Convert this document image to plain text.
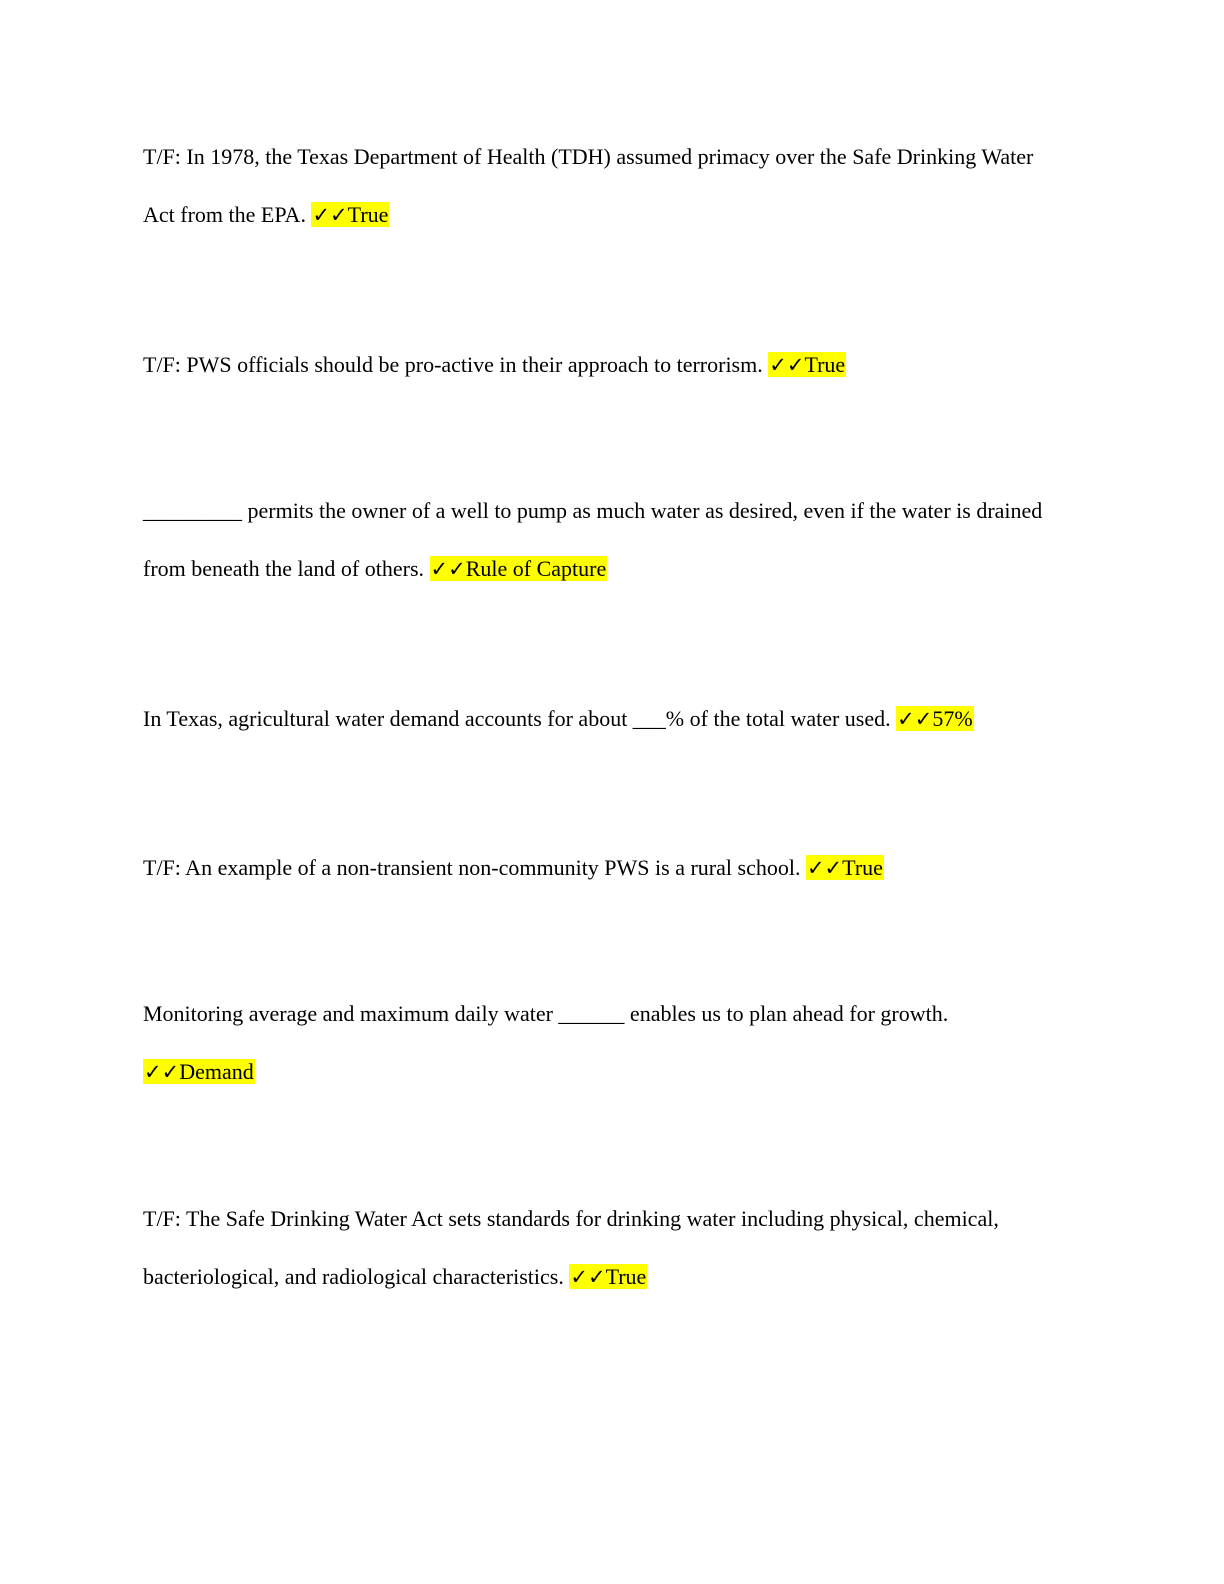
T/F: In 1978, the Texas Department of Health (TDH) assumed primacy over the Safe Drinking Water Act from the EPA. ✓✓True

T/F: PWS officials should be pro-active in their approach to terrorism. ✓✓True

_________ permits the owner of a well to pump as much water as desired, even if the water is drained from beneath the land of others. ✓✓Rule of Capture

In Texas, agricultural water demand accounts for about ___% of the total water used. ✓✓57%

T/F: An example of a non-transient non-community PWS is a rural school. ✓✓True

Monitoring average and maximum daily water ______ enables us to plan ahead for growth. ✓✓Demand

T/F: The Safe Drinking Water Act sets standards for drinking water including physical, chemical, bacteriological, and radiological characteristics. ✓✓True
